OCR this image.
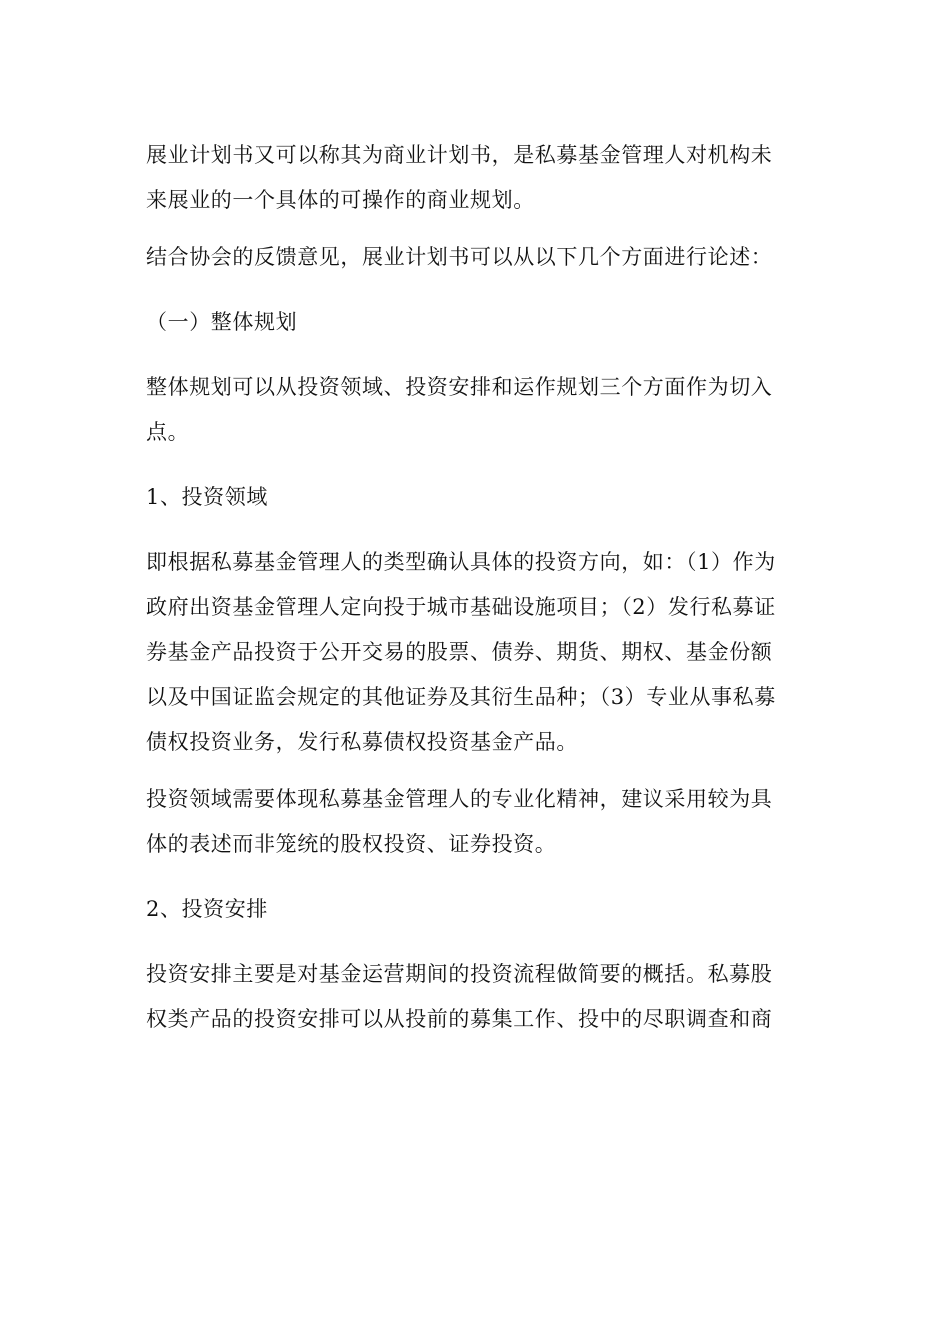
展业计划书又可以称其为商业计划书，是私募基金管理人对机构未
来展业的一个具体的可操作的商业规划。

结合协会的反馈意见，展业计划书可以从以下几个方面进行论述：

（一）整体规划

整体规划可以从投资领域、投资安排和运作规划三个方面作为切入
点。

1、投资领域

即根据私募基金管理人的类型确认具体的投资方向，如：（1）作为
政府出资基金管理人定向投于城市基础设施项目；（2）发行私募证
券基金产品投资于公开交易的股票、债券、期货、期权、基金份额
以及中国证监会规定的其他证券及其衍生品种；（3）专业从事私募
债权投资业务，发行私募债权投资基金产品。

投资领域需要体现私募基金管理人的专业化精神，建议采用较为具
体的表述而非笼统的股权投资、证券投资。

2、投资安排

投资安排主要是对基金运营期间的投资流程做简要的概括。私募股
权类产品的投资安排可以从投前的募集工作、投中的尽职调查和商
